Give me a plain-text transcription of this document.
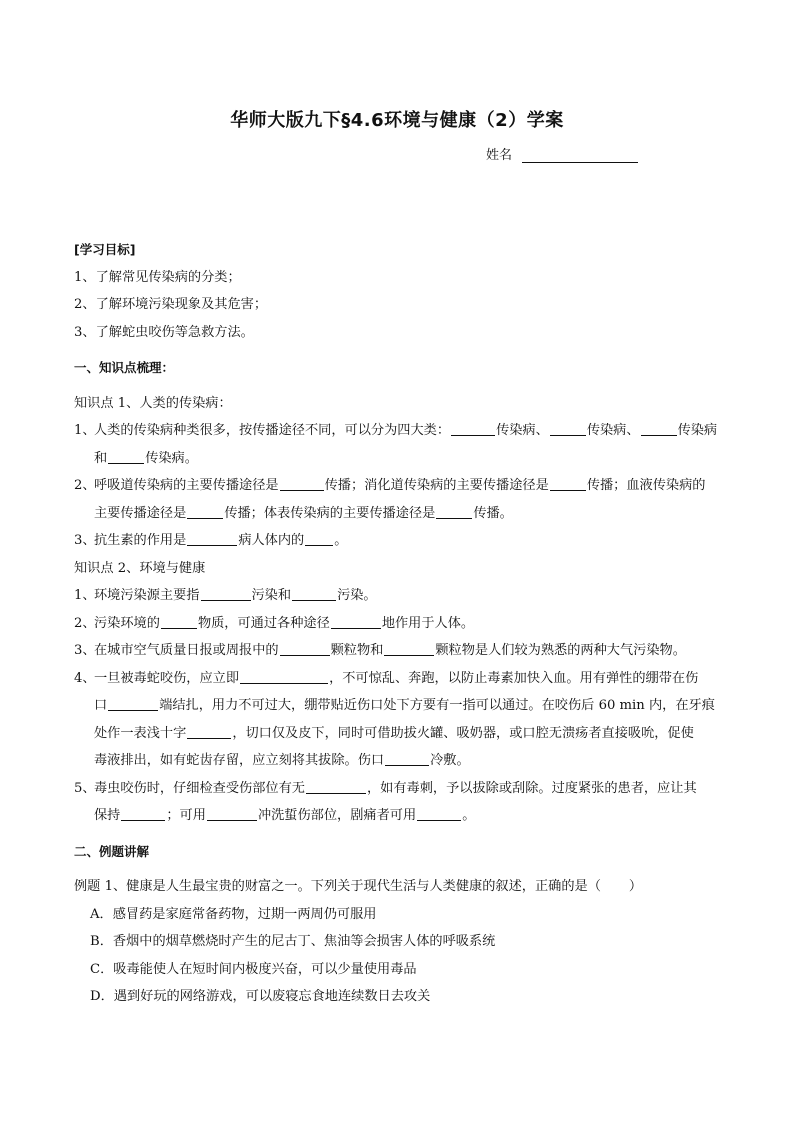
华师大版九下§4.6环境与健康（2）学案
姓名
[学习目标]
1、了解常见传染病的分类；
2、了解环境污染现象及其危害；
3、了解蛇虫咬伤等急救方法。
一、知识点梳理：
知识点 1、人类的传染病：
1、人类的传染病种类很多，按传播途径不同，可以分为四大类：	传染病、	传染病、	传染病
和	传染病。
2、呼吸道传染病的主要传播途径是	传播；消化道传染病的主要传播途径是	传播；血液传染病的
主要传播途径是	传播；体表传染病的主要传播途径是	传播。
3、抗生素的作用是	病人体内的 。
知识点 2、环境与健康
1、环境污染源主要指	污染和	污染。
2、污染环境的	物质，可通过各种途径	地作用于人体。
3、在城市空气质量日报或周报中的	颗粒物和	颗粒物是人们较为熟悉的两种大气污染物。
4、一旦被毒蛇咬伤，应立即	，不可惊乱、奔跑，以防止毒素加快入血。用有弹性的绷带在伤
口	端结扎，用力不可过大，绷带贴近伤口处下方要有一指可以通过。在咬伤后 60 min 内，在牙痕
处作一表浅十字	，切口仅及皮下，同时可借助拔火罐、吸奶器，或口腔无溃疡者直接吸吮，促使
毒液排出，如有蛇齿存留，应立刻将其拔除。伤口	冷敷。
5、毒虫咬伤时，仔细检查受伤部位有无	，如有毒刺，予以拔除或刮除。过度紧张的患者，应让其
保持	；可用	冲洗蜇伤部位，剧痛者可用	。
二、例题讲解
例题 1、健康是人生最宝贵的财富之一。下列关于现代生活与人类健康的叙述，正确的是（ ）
A．感冒药是家庭常备药物，过期一两周仍可服用
B．香烟中的烟草燃烧时产生的尼古丁、焦油等会损害人体的呼吸系统
C．吸毒能使人在短时间内极度兴奋，可以少量使用毒品
D．遇到好玩的网络游戏，可以废寝忘食地连续数日去攻关
